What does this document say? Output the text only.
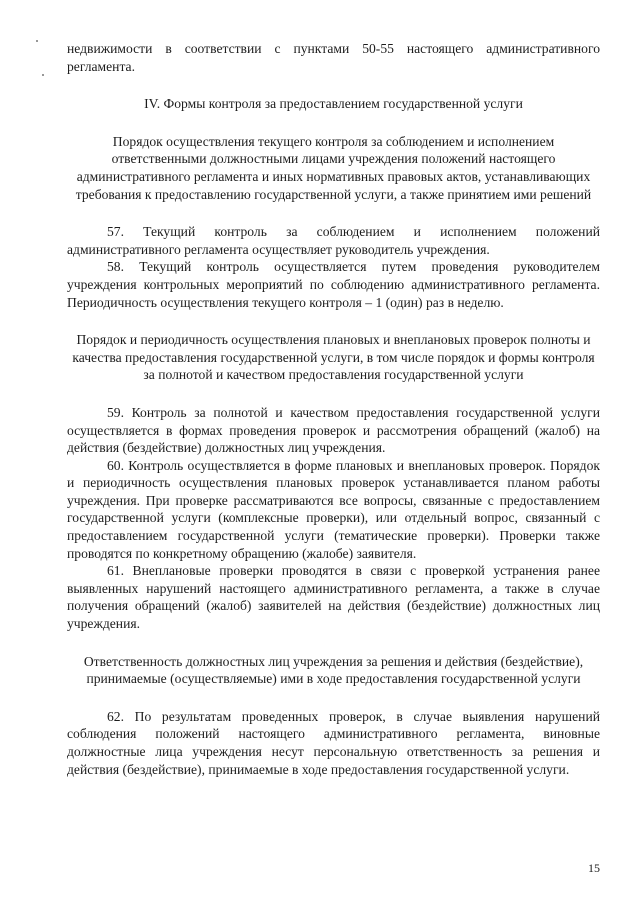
недвижимости в соответствии с пунктами 50-55 настоящего административного регламента.

IV. Формы контроля за предоставлением государственной услуги

Порядок осуществления текущего контроля за соблюдением и исполнением ответственными должностными лицами учреждения положений настоящего административного регламента и иных нормативных правовых актов, устанавливающих требования к предоставлению государственной услуги, а также принятием ими решений

57. Текущий контроль за соблюдением и исполнением положений административного регламента осуществляет руководитель учреждения.

58. Текущий контроль осуществляется путем проведения руководителем учреждения контрольных мероприятий по соблюдению административного регламента. Периодичность осуществления текущего контроля – 1 (один) раз в неделю.

Порядок и периодичность осуществления плановых и внеплановых проверок полноты и качества предоставления государственной услуги, в том числе порядок и формы контроля за полнотой и качеством предоставления государственной услуги

59. Контроль за полнотой и качеством предоставления государственной услуги осуществляется в формах проведения проверок и рассмотрения обращений (жалоб) на действия (бездействие) должностных лиц учреждения.

60. Контроль осуществляется в форме плановых и внеплановых проверок. Порядок и периодичность осуществления плановых проверок устанавливается планом работы учреждения. При проверке рассматриваются все вопросы, связанные с предоставлением государственной услуги (комплексные проверки), или отдельный вопрос, связанный с предоставлением государственной услуги (тематические проверки). Проверки также проводятся по конкретному обращению (жалобе) заявителя.

61. Внеплановые проверки проводятся в связи с проверкой устранения ранее выявленных нарушений настоящего административного регламента, а также в случае получения обращений (жалоб) заявителей на действия (бездействие) должностных лиц учреждения.

Ответственность должностных лиц учреждения за решения и действия (бездействие), принимаемые (осуществляемые) ими в ходе предоставления государственной услуги

62. По результатам проведенных проверок, в случае выявления нарушений соблюдения положений настоящего административного регламента, виновные должностные лица учреждения несут персональную ответственность за решения и действия (бездействие), принимаемые в ходе предоставления государственной услуги.

15
